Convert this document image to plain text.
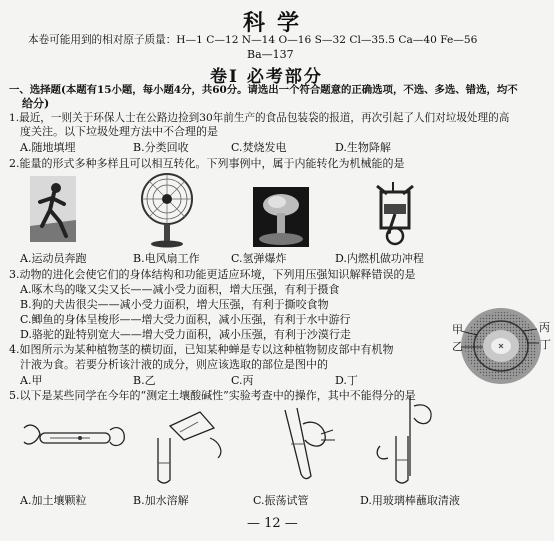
科学
本卷可能用到的相对原子质量：H—1 C—12 N—14 O—16 S—32 Cl—35.5 Ca—40 Fe—56
Ba—137
卷Ⅰ 必考部分
一、选择题(本题有15小题，每小题4分，共60分。请选出一个符合题意的正确选项，不选、多选、错选，均不
给分)
1.最近，一则关于环保人士在公路边捡到30年前生产的食品包装袋的报道，再次引起了人们对垃圾处理的高
度关注。以下垃圾处理方法中不合理的是
A.随地填埋	B.分类回收	C.焚烧发电	D.生物降解
2.能量的形式多种多样且可以相互转化。下列事例中，属于内能转化为机械能的是
A.运动员奔跑	B.电风扇工作	C.氢弹爆炸	D.内燃机做功冲程
3.动物的进化会使它们的身体结构和功能更适应环境，下列用压强知识解释错误的是
A.啄木鸟的喙又尖又长——减小受力面积，增大压强，有利于摄食
B.狗的犬齿很尖——减小受力面积，增大压强，有利于撕咬食物
C.鲫鱼的身体呈梭形——增大受力面积，减小压强，有利于水中游行
D.骆驼的趾特别宽大——增大受力面积，减小压强，有利于沙漠行走
4.如图所示为某种植物茎的横切面，已知某种蝉是专以这种植物韧皮部中有机物
汁液为食。若要分析该汁液的成分，则应该选取的部位是图中的
A.甲	B.乙	C.丙	D.丁
甲
乙
丙
丁
5.以下是某些同学在今年的“测定土壤酸碱性”实验考查中的操作，其中不能得分的是
A.加土壤颗粒	B.加水溶解	C.振荡试管	D.用玻璃棒蘸取清液
— 12 —
